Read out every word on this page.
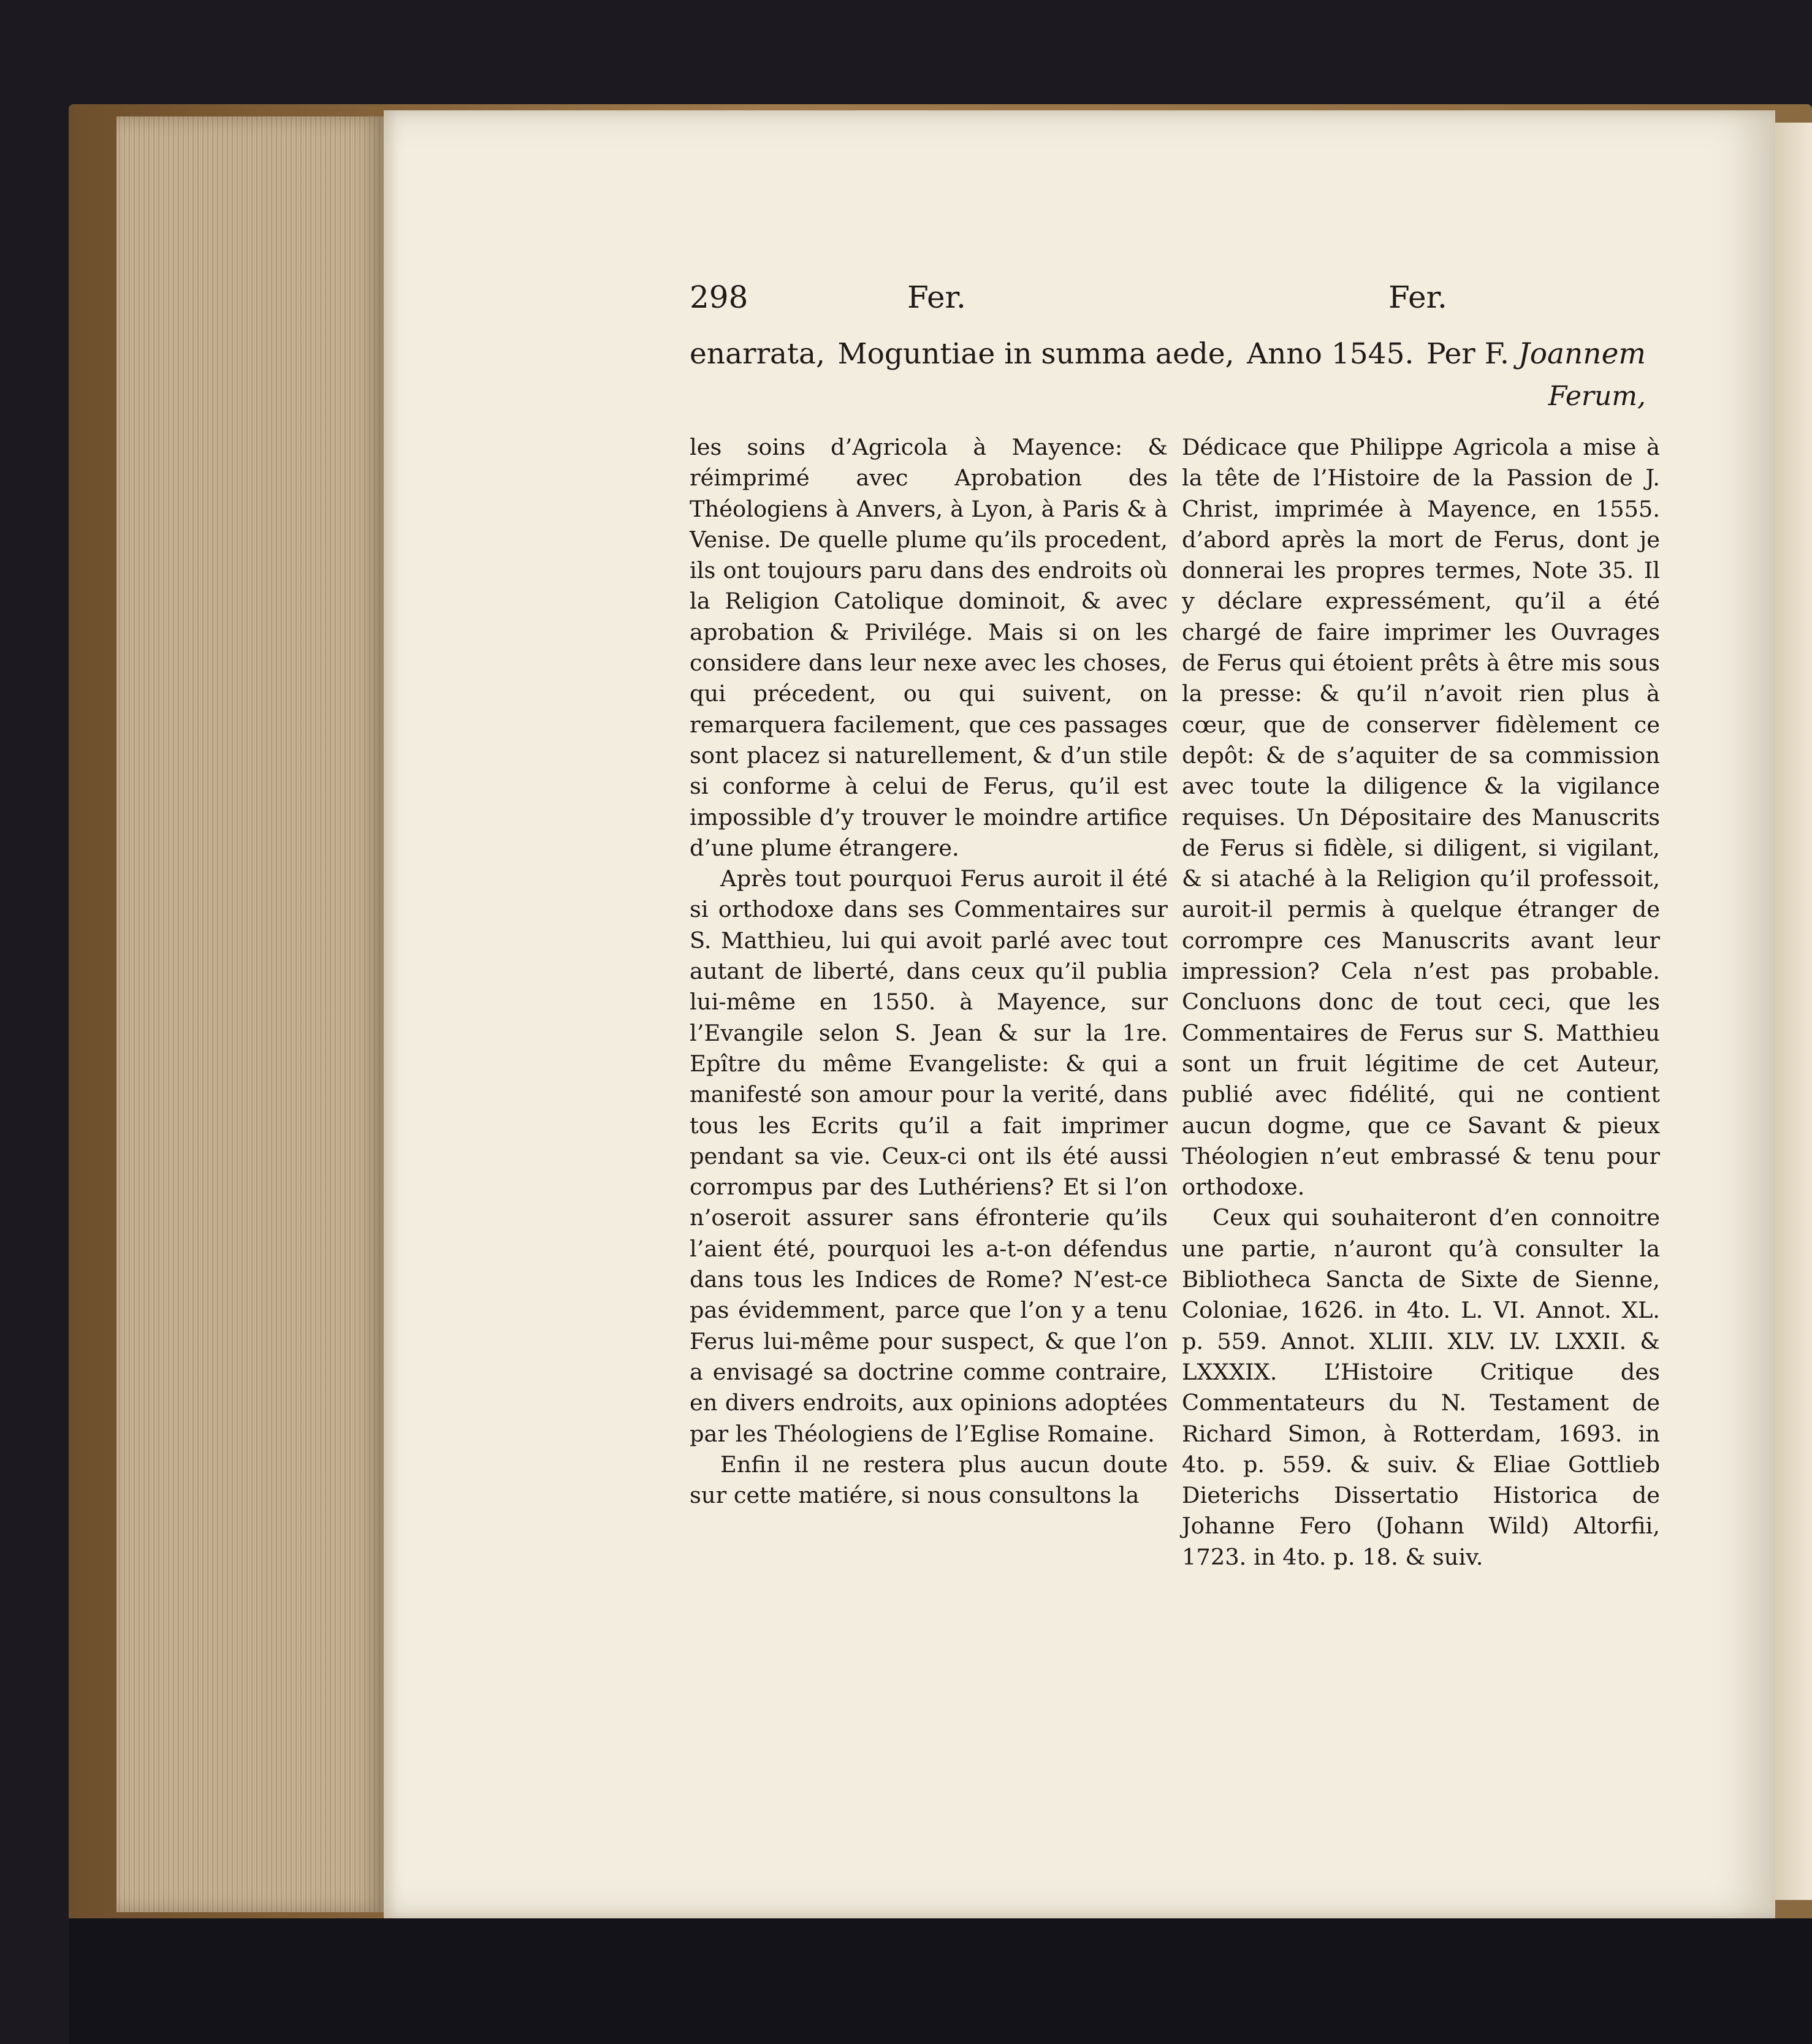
298	Fer.	Fer.
enarrata, Moguntiae in summa aede, Anno 1545. Per F. Joannem
Ferum,

les soins d’Agricola à Mayence: & réimprimé avec Aprobation des Théologiens à Anvers, à Lyon, à Paris & à Venise. De quelle plume qu’ils procedent, ils ont toujours paru dans des endroits où la Religion Catolique dominoit, & avec aprobation & Privilége. Mais si on les considere dans leur nexe avec les choses, qui précedent, ou qui suivent, on remarquera facilement, que ces passages sont placez si naturellement, & d’un stile si conforme à celui de Ferus, qu’il est impossible d’y trouver le moindre artifice d’une plume étrangere.

Après tout pourquoi Ferus auroit il été si orthodoxe dans ses Commentaires sur S. Matthieu, lui qui avoit parlé avec tout autant de liberté, dans ceux qu’il publia lui-même en 1550. à Mayence, sur l’Evangile selon S. Jean & sur la 1re. Epître du même Evangeliste: & qui a manifesté son amour pour la verité, dans tous les Ecrits qu’il a fait imprimer pendant sa vie. Ceux-ci ont ils été aussi corrompus par des Luthériens? Et si l’on n’oseroit assurer sans éfronterie qu’ils l’aient été, pourquoi les a-t-on défendus dans tous les Indices de Rome? N’est-ce pas évidemment, parce que l’on y a tenu Ferus lui-même pour suspect, & que l’on a envisagé sa doctrine comme contraire, en divers endroits, aux opinions adoptées par les Théologiens de l’Eglise Romaine.

Enfin il ne restera plus aucun doute sur cette matiére, si nous consultons la

Dédicace que Philippe Agricola a mise à la tête de l’Histoire de la Passion de J. Christ, imprimée à Mayence, en 1555. d’abord après la mort de Ferus, dont je donnerai les propres termes, Note 35. Il y déclare expressément, qu’il a été chargé de faire imprimer les Ouvrages de Ferus qui étoient prêts à être mis sous la presse: & qu’il n’avoit rien plus à cœur, que de conserver fidèlement ce depôt: & de s’aquiter de sa commission avec toute la diligence & la vigilance requises. Un Dépositaire des Manuscrits de Ferus si fidèle, si diligent, si vigilant, & si ataché à la Religion qu’il professoit, auroit-il permis à quelque étranger de corrompre ces Manuscrits avant leur impression? Cela n’est pas probable. Concluons donc de tout ceci, que les Commentaires de Ferus sur S. Matthieu sont un fruit légitime de cet Auteur, publié avec fidélité, qui ne contient aucun dogme, que ce Savant & pieux Théologien n’eut embrassé & tenu pour orthodoxe.

Ceux qui souhaiteront d’en connoitre une partie, n’auront qu’à consulter la Bibliotheca Sancta de Sixte de Sienne, Coloniae, 1626. in 4to. L. VI. Annot. XL. p. 559. Annot. XLIII. XLV. LV. LXXII. & LXXXIX. L’Histoire Critique des Commentateurs du N. Testament de Richard Simon, à Rotterdam, 1693. in 4to. p. 559. & suiv. & Eliae Gottlieb Dieterichs Dissertatio Historica de Johanne Fero (Johann Wild) Altorfii, 1723. in 4to. p. 18. & suiv.
